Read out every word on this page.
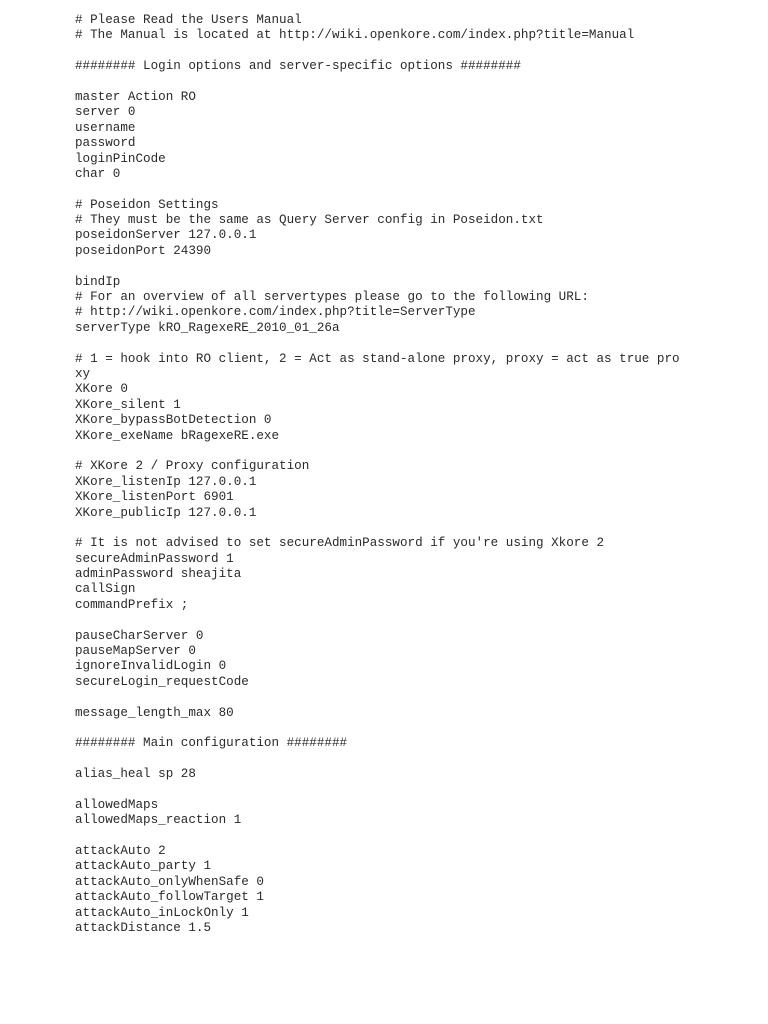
# Please Read the Users Manual
# The Manual is located at http://wiki.openkore.com/index.php?title=Manual
######## Login options and server-specific options ########
master Action RO
server 0
username
password
loginPinCode
char 0
# Poseidon Settings
# They must be the same as Query Server config in Poseidon.txt
poseidonServer 127.0.0.1
poseidonPort 24390
bindIp
# For an overview of all servertypes please go to the following URL:
# http://wiki.openkore.com/index.php?title=ServerType
serverType kRO_RagexeRE_2010_01_26a
# 1 = hook into RO client, 2 = Act as stand-alone proxy, proxy = act as true pro
xy
XKore 0
XKore_silent 1
XKore_bypassBotDetection 0
XKore_exeName bRagexeRE.exe
# XKore 2 / Proxy configuration
XKore_listenIp 127.0.0.1
XKore_listenPort 6901
XKore_publicIp 127.0.0.1
# It is not advised to set secureAdminPassword if you're using Xkore 2
secureAdminPassword 1
adminPassword sheajita
callSign
commandPrefix ;
pauseCharServer 0
pauseMapServer 0
ignoreInvalidLogin 0
secureLogin_requestCode
message_length_max 80
######## Main configuration ########
alias_heal sp 28
allowedMaps
allowedMaps_reaction 1
attackAuto 2
attackAuto_party 1
attackAuto_onlyWhenSafe 0
attackAuto_followTarget 1
attackAuto_inLockOnly 1
attackDistance 1.5
